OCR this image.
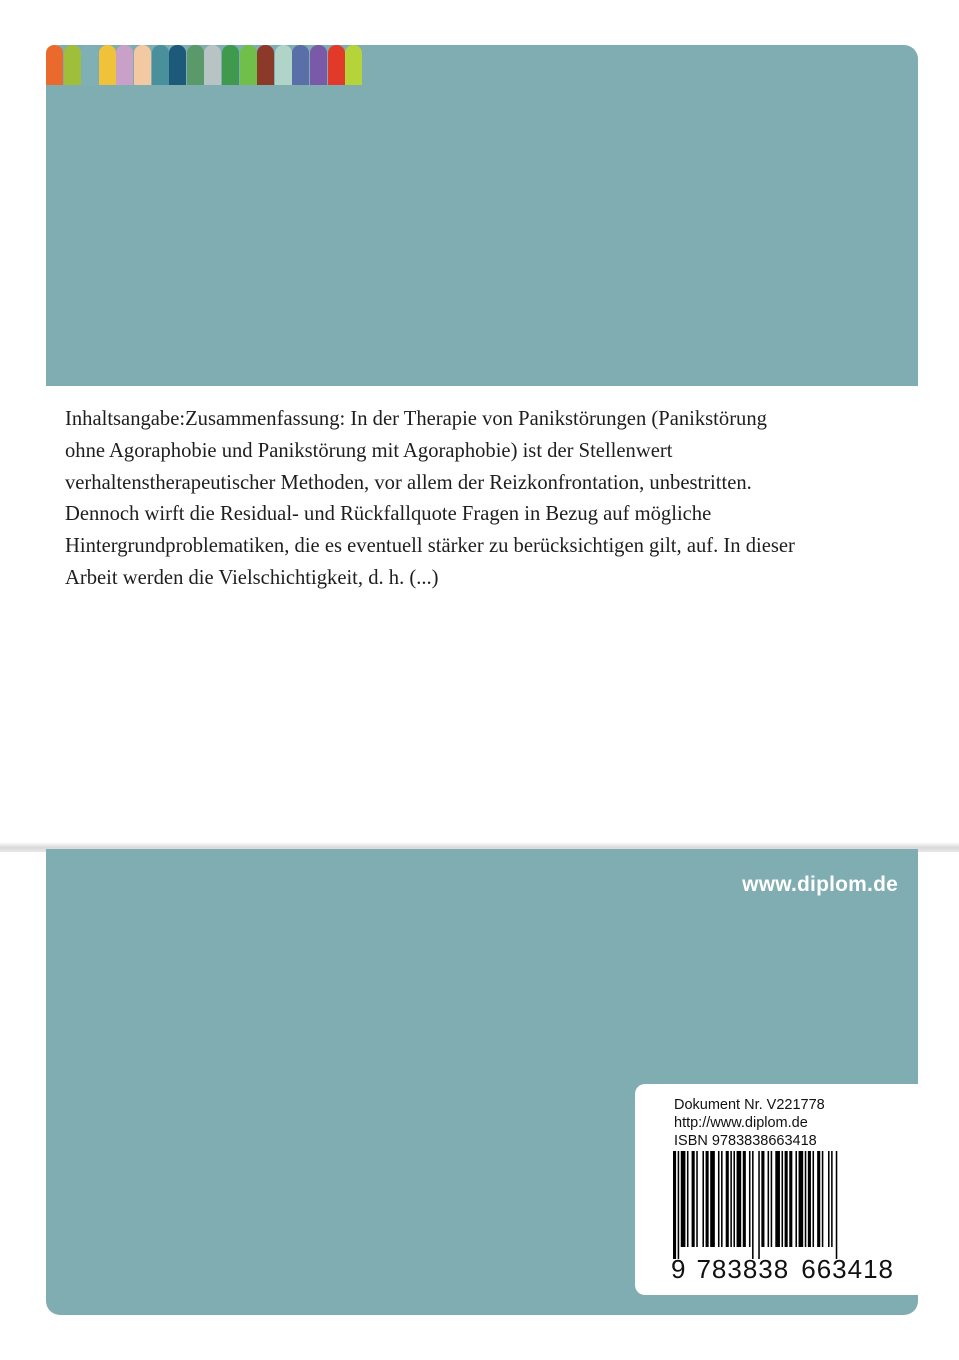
Inhaltsangabe:Zusammenfassung: In der Therapie von Panikstörungen (Panikstörung
ohne Agoraphobie und Panikstörung mit Agoraphobie) ist der Stellenwert
verhaltenstherapeutischer Methoden, vor allem der Reizkonfrontation, unbestritten.
Dennoch wirft die Residual- und Rückfallquote Fragen in Bezug auf mögliche
Hintergrundproblematiken, die es eventuell stärker zu berücksichtigen gilt, auf. In dieser
Arbeit werden die Vielschichtigkeit, d. h. (...)
www.diplom.de
Dokument Nr. V221778
http://www.diplom.de
ISBN 9783838663418
9 783838 663418
